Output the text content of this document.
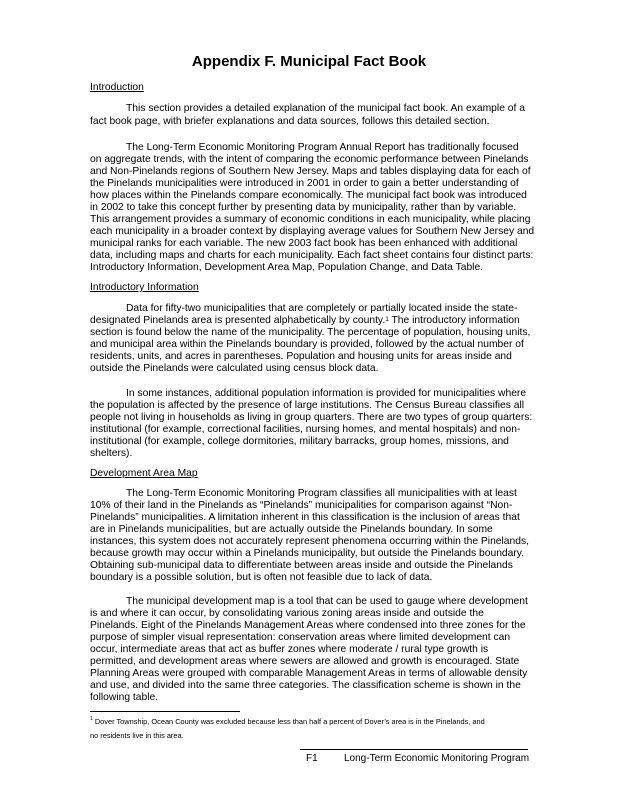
Appendix F. Municipal Fact Book
Introduction

This section provides a detailed explanation of the municipal fact book. An example of a

fact book page, with briefer explanations and data sources, follows this detailed section.

The Long-Term Economic Monitoring Program Annual Report has traditionally focused

on aggregate trends, with the intent of comparing the economic performance between Pinelands

and Non-Pinelands regions of Southern New Jersey. Maps and tables displaying data for each of

the Pinelands municipalities were introduced in 2001 in order to gain a better understanding of

how places within the Pinelands compare economically. The municipal fact book was introduced

in 2002 to take this concept further by presenting data by municipality, rather than by variable.

This arrangement provides a summary of economic conditions in each municipality, while placing

each municipality in a broader context by displaying average values for Southern New Jersey and

municipal ranks for each variable. The new 2003 fact book has been enhanced with additional

data, including maps and charts for each municipality. Each fact sheet contains four distinct parts:

Introductory Information, Development Area Map, Population Change, and Data Table.

Introductory Information

Data for fifty-two municipalities that are completely or partially located inside the state-

designated Pinelands area is presented alphabetically by county.$^1$ The introductory information

section is found below the name of the municipality. The percentage of population, housing units,

and municipal area within the Pinelands boundary is provided, followed by the actual number of

residents, units, and acres in parentheses. Population and housing units for areas inside and

outside the Pinelands were calculated using census block data.

In some instances, additional population information is provided for municipalities where

the population is affected by the presence of large institutions. The Census Bureau classifies all

people not living in households as living in group quarters. There are two types of group quarters:

institutional (for example, correctional facilities, nursing homes, and mental hospitals) and non-

institutional (for example, college dormitories, military barracks, group homes, missions, and

shelters).

Development Area Map

The Long-Term Economic Monitoring Program classifies all municipalities with at least

10% of their land in the Pinelands as “Pinelands” municipalities for comparison against “Non-

Pinelands” municipalities. A limitation inherent in this classification is the inclusion of areas that

are in Pinelands municipalities, but are actually outside the Pinelands boundary. In some

instances, this system does not accurately represent phenomena occurring within the Pinelands,

because growth may occur within a Pinelands municipality, but outside the Pinelands boundary.

Obtaining sub-municipal data to differentiate between areas inside and outside the Pinelands

boundary is a possible solution, but is often not feasible due to lack of data.

The municipal development map is a tool that can be used to gauge where development

is and where it can occur, by consolidating various zoning areas inside and outside the

Pinelands. Eight of the Pinelands Management Areas where condensed into three zones for the

purpose of simpler visual representation: conservation areas where limited development can

occur, intermediate areas that act as buffer zones where moderate / rural type growth is

permitted, and development areas where sewers are allowed and growth is encouraged. State

Planning Areas were grouped with comparable Management Areas in terms of allowable density

and use, and divided into the same three categories. The classification scheme is shown in the

following table.

$^1$ Dover Township, Ocean County was excluded because less than half a percent of Dover’s area is in the Pinelands, and
no residents live in this area.
F1	Long-Term Economic Monitoring Program
